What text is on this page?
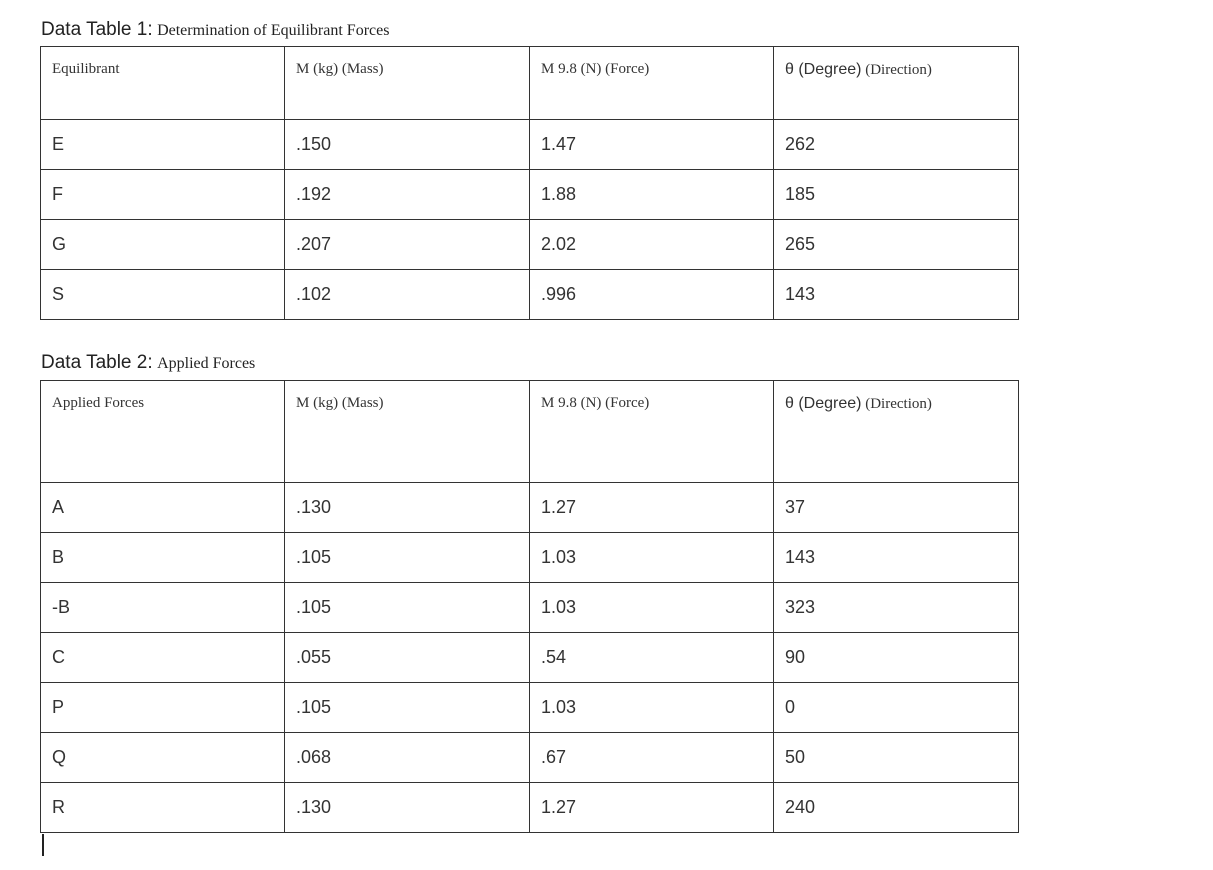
Data Table 1: Determination of Equilibrant Forces
Equilibrant	M (kg) (Mass)	M 9.8 (N) (Force)	θ (Degree) (Direction)
E	.150	1.47	262
F	.192	1.88	185
G	.207	2.02	265
S	.102	.996	143
Data Table 2: Applied Forces
Applied Forces	M (kg) (Mass)	M 9.8 (N) (Force)	θ (Degree) (Direction)
A	.130	1.27	37
B	.105	1.03	143
-B	.105	1.03	323
C	.055	.54	90
P	.105	1.03	0
Q	.068	.67	50
R	.130	1.27	240
